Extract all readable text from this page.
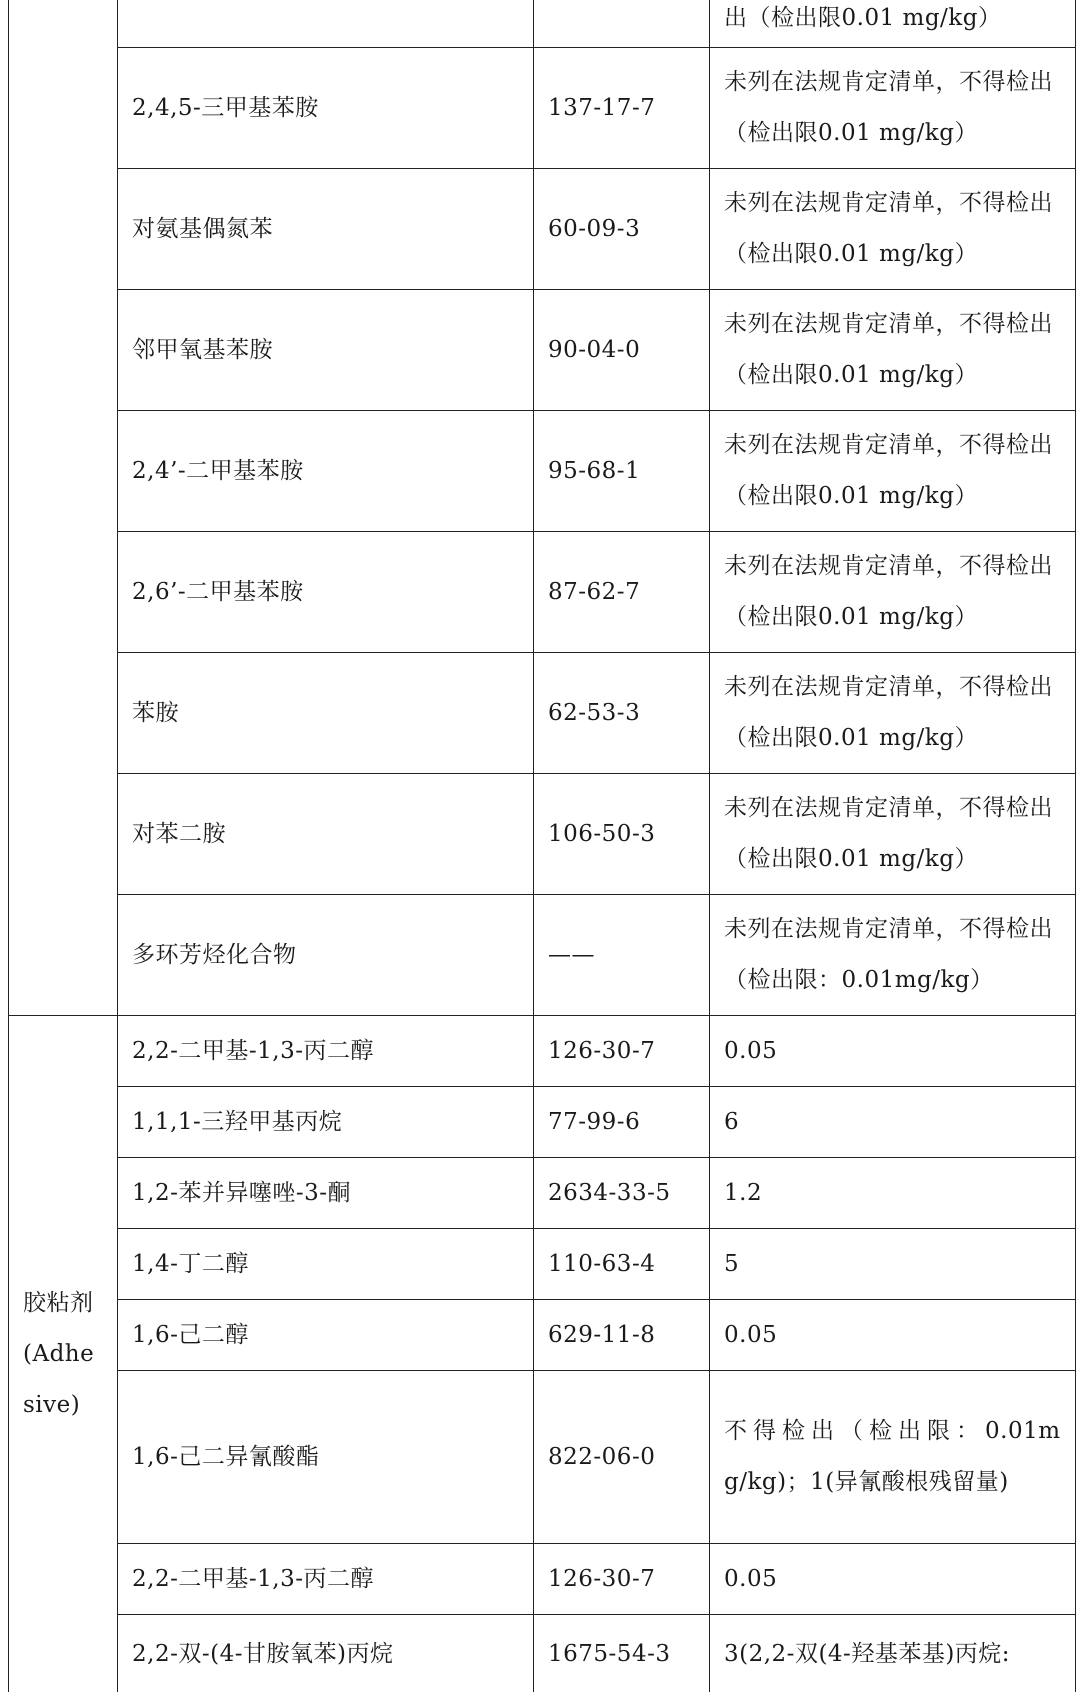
			出（检出限0.01 mg/kg）
	2,4,5-三甲基苯胺	137-17-7	未列在法规肯定清单，不得检出（检出限0.01 mg/kg）
	对氨基偶氮苯	60-09-3	未列在法规肯定清单，不得检出（检出限0.01 mg/kg）
	邻甲氧基苯胺	90-04-0	未列在法规肯定清单，不得检出（检出限0.01 mg/kg）
	2,4’-二甲基苯胺	95-68-1	未列在法规肯定清单，不得检出（检出限0.01 mg/kg）
	2,6’-二甲基苯胺	87-62-7	未列在法规肯定清单，不得检出（检出限0.01 mg/kg）
	苯胺	62-53-3	未列在法规肯定清单，不得检出（检出限0.01 mg/kg）
	对苯二胺	106-50-3	未列在法规肯定清单，不得检出（检出限0.01 mg/kg）
	多环芳烃化合物	——	未列在法规肯定清单，不得检出（检出限：0.01mg/kg）
胶粘剂(Adhesive)	2,2-二甲基-1,3-丙二醇	126-30-7	0.05
	1,1,1-三羟甲基丙烷	77-99-6	6
	1,2-苯并异噻唑-3-酮	2634-33-5	1.2
	1,4-丁二醇	110-63-4	5
	1,6-己二醇	629-11-8	0.05
	1,6-己二异氰酸酯	822-06-0	不得检出（检出限：0.01mg/kg)；1(异氰酸根残留量)
	2,2-二甲基-1,3-丙二醇	126-30-7	0.05
	2,2-双-(4-甘胺氧苯)丙烷	1675-54-3	3(2,2-双(4-羟基苯基)丙烷:
